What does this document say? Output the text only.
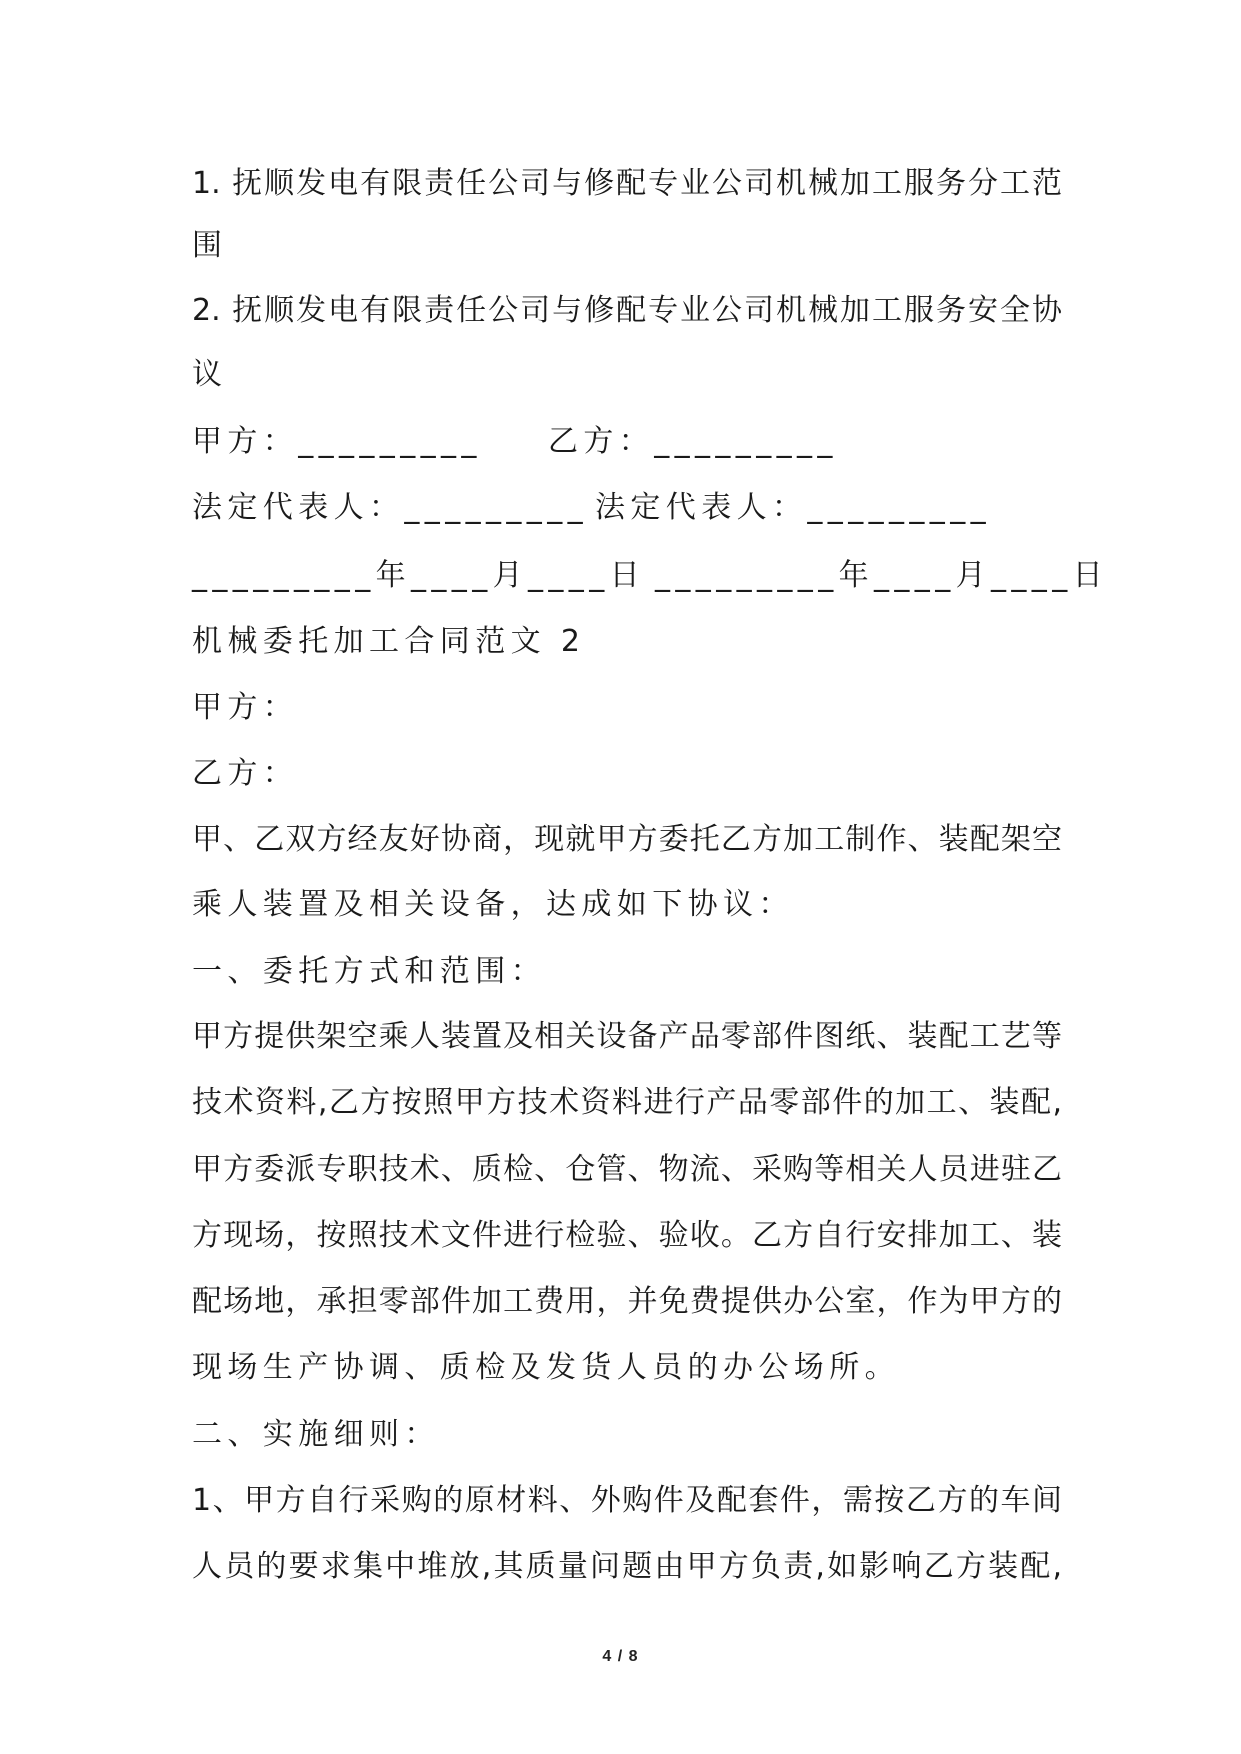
1. 抚顺发电有限责任公司与修配专业公司机械加工服务分工范
围
2. 抚顺发电有限责任公司与修配专业公司机械加工服务安全协
议
甲方：_________ 乙方：_________
法定代表人：_________ 法定代表人：_________
_________年____月____日 _________年____月____日
机械委托加工合同范文 2
甲方：
乙方：
甲、乙双方经友好协商，现就甲方委托乙方加工制作、装配架空
乘人装置及相关设备，达成如下协议：
一、委托方式和范围：
甲方提供架空乘人装置及相关设备产品零部件图纸、装配工艺等
技术资料,乙方按照甲方技术资料进行产品零部件的加工、装配,
甲方委派专职技术、质检、仓管、物流、采购等相关人员进驻乙
方现场，按照技术文件进行检验、验收。乙方自行安排加工、装
配场地，承担零部件加工费用，并免费提供办公室，作为甲方的
现场生产协调、质检及发货人员的办公场所。
二、实施细则：
1、甲方自行采购的原材料、外购件及配套件，需按乙方的车间
人员的要求集中堆放,其质量问题由甲方负责,如影响乙方装配,
4 / 8
